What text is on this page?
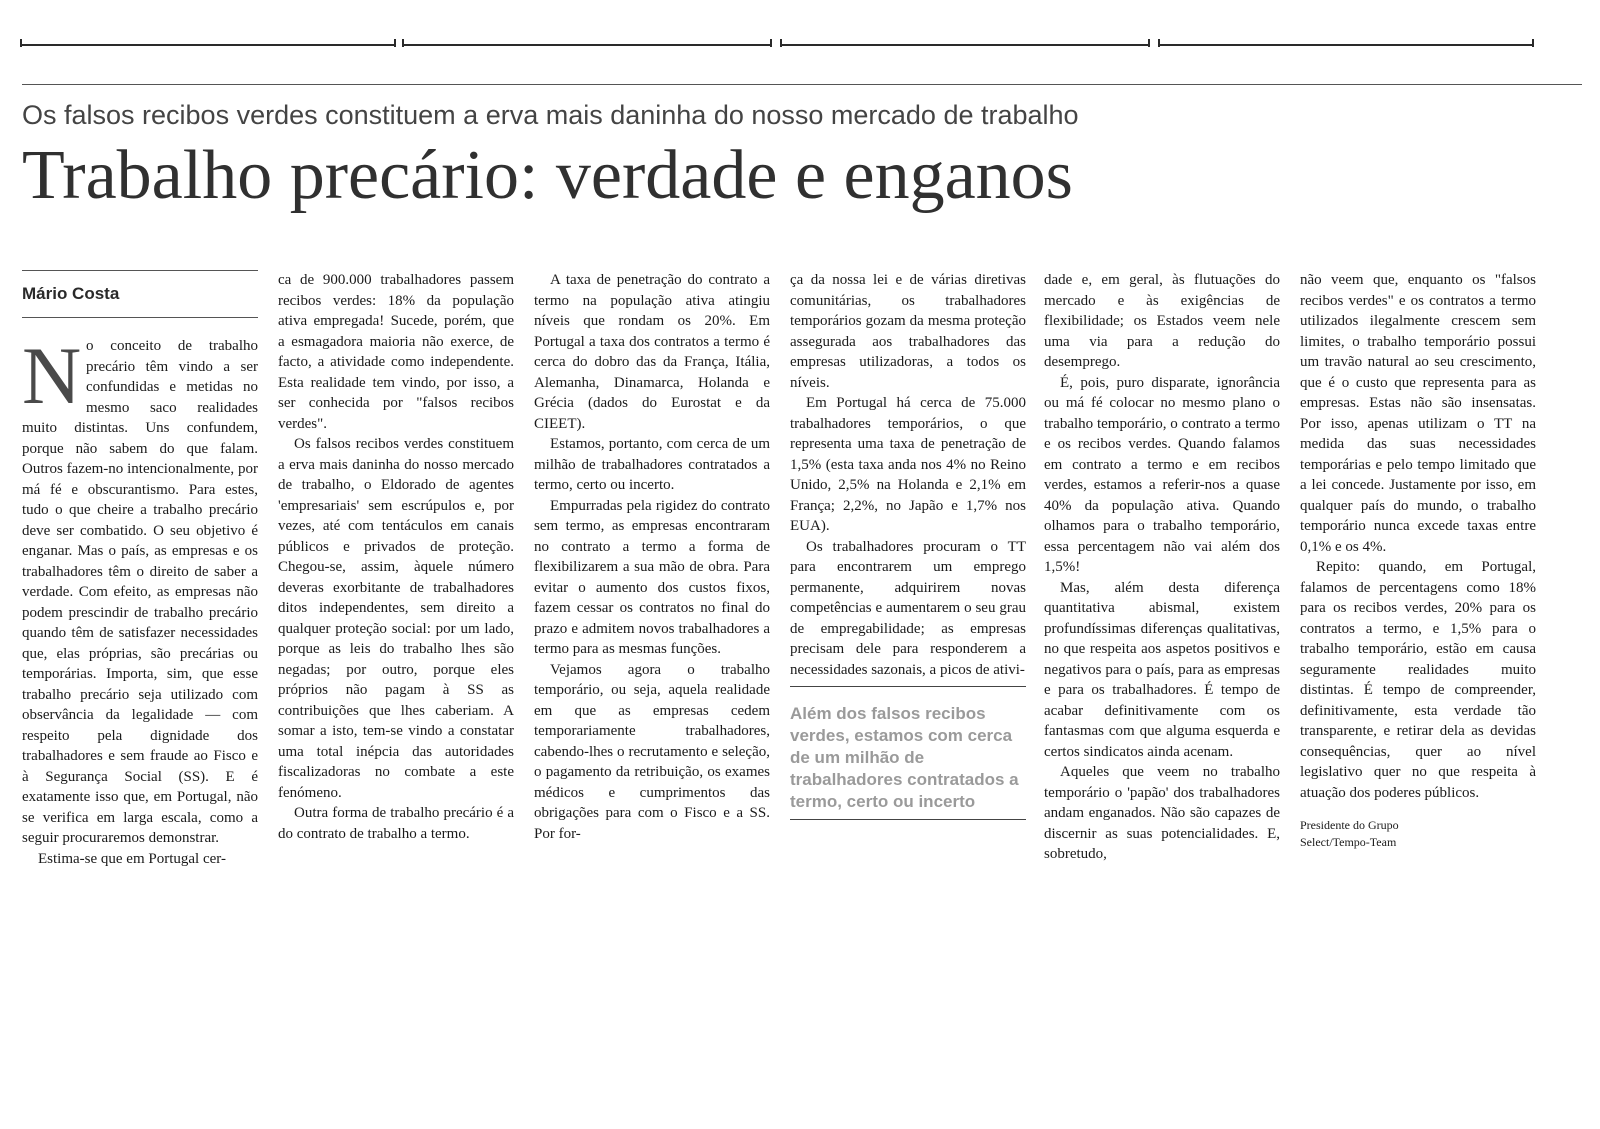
Os falsos recibos verdes constituem a erva mais daninha do nosso mercado de trabalho
Trabalho precário: verdade e enganos
Mário Costa

No conceito de trabalho precário têm vindo a ser confundidas e metidas no mesmo saco realidades muito distintas. Uns confundem, porque não sabem do que falam. Outros fazem-no intencionalmente, por má fé e obscurantismo. Para estes, tudo o que cheire a trabalho precário deve ser combatido. O seu objetivo é enganar. Mas o país, as empresas e os trabalhadores têm o direito de saber a verdade. Com efeito, as empresas não podem prescindir de trabalho precário quando têm de satisfazer necessidades que, elas próprias, são precárias ou temporárias. Importa, sim, que esse trabalho precário seja utilizado com observância da legalidade — com respeito pela dignidade dos trabalhadores e sem fraude ao Fisco e à Segurança Social (SS). E é exatamente isso que, em Portugal, não se verifica em larga escala, como a seguir procuraremos demonstrar.

Estima-se que em Portugal cer-

ca de 900.000 trabalhadores passem recibos verdes: 18% da população ativa empregada! Sucede, porém, que a esmagadora maioria não exerce, de facto, a atividade como independente. Esta realidade tem vindo, por isso, a ser conhecida por "falsos recibos verdes".

Os falsos recibos verdes constituem a erva mais daninha do nosso mercado de trabalho, o Eldorado de agentes 'empresariais' sem escrúpulos e, por vezes, até com tentáculos em canais públicos e privados de proteção. Chegou-se, assim, àquele número deveras exorbitante de trabalhadores ditos independentes, sem direito a qualquer proteção social: por um lado, porque as leis do trabalho lhes são negadas; por outro, porque eles próprios não pagam à SS as contribuições que lhes caberiam. A somar a isto, tem-se vindo a constatar uma total inépcia das autoridades fiscalizadoras no combate a este fenómeno.

Outra forma de trabalho precário é a do contrato de trabalho a termo.

A taxa de penetração do contrato a termo na população ativa atingiu níveis que rondam os 20%. Em Portugal a taxa dos contratos a termo é cerca do dobro das da França, Itália, Alemanha, Dinamarca, Holanda e Grécia (dados do Eurostat e da CIEET).

Estamos, portanto, com cerca de um milhão de trabalhadores contratados a termo, certo ou incerto.

Empurradas pela rigidez do contrato sem termo, as empresas encontraram no contrato a termo a forma de flexibilizarem a sua mão de obra. Para evitar o aumento dos custos fixos, fazem cessar os contratos no final do prazo e admitem novos trabalhadores a termo para as mesmas funções.

Vejamos agora o trabalho temporário, ou seja, aquela realidade em que as empresas cedem temporariamente trabalhadores, cabendo-lhes o recrutamento e seleção, o pagamento da retribuição, os exames médicos e cumprimentos das obrigações para com o Fisco e a SS. Por for-

ça da nossa lei e de várias diretivas comunitárias, os trabalhadores temporários gozam da mesma proteção assegurada aos trabalhadores das empresas utilizadoras, a todos os níveis.

Em Portugal há cerca de 75.000 trabalhadores temporários, o que representa uma taxa de penetração de 1,5% (esta taxa anda nos 4% no Reino Unido, 2,5% na Holanda e 2,1% em França; 2,2%, no Japão e 1,7% nos EUA).

Os trabalhadores procuram o TT para encontrarem um emprego permanente, adquirirem novas competências e aumentarem o seu grau de empregabilidade; as empresas precisam dele para responderem a necessidades sazonais, a picos de ativi-

Além dos falsos recibos verdes, estamos com cerca de um milhão de trabalhadores contratados a termo, certo ou incerto

dade e, em geral, às flutuações do mercado e às exigências de flexibilidade; os Estados veem nele uma via para a redução do desemprego.

É, pois, puro disparate, ignorância ou má fé colocar no mesmo plano o trabalho temporário, o contrato a termo e os recibos verdes. Quando falamos em contrato a termo e em recibos verdes, estamos a referir-nos a quase 40% da população ativa. Quando olhamos para o trabalho temporário, essa percentagem não vai além dos 1,5%!

Mas, além desta diferença quantitativa abismal, existem profundíssimas diferenças qualitativas, no que respeita aos aspetos positivos e negativos para o país, para as empresas e para os trabalhadores. É tempo de acabar definitivamente com os fantasmas com que alguma esquerda e certos sindicatos ainda acenam.

Aqueles que veem no trabalho temporário o 'papão' dos trabalhadores andam enganados. Não são capazes de discernir as suas potencialidades. E, sobretudo,

não veem que, enquanto os "falsos recibos verdes" e os contratos a termo utilizados ilegalmente crescem sem limites, o trabalho temporário possui um travão natural ao seu crescimento, que é o custo que representa para as empresas. Estas não são insensatas. Por isso, apenas utilizam o TT na medida das suas necessidades temporárias e pelo tempo limitado que a lei concede. Justamente por isso, em qualquer país do mundo, o trabalho temporário nunca excede taxas entre 0,1% e os 4%.

Repito: quando, em Portugal, falamos de percentagens como 18% para os recibos verdes, 20% para os contratos a termo, e 1,5% para o trabalho temporário, estão em causa seguramente realidades muito distintas. É tempo de compreender, definitivamente, esta verdade tão transparente, e retirar dela as devidas consequências, quer ao nível legislativo quer no que respeita à atuação dos poderes públicos.

Presidente do Grupo
Select/Tempo-Team
